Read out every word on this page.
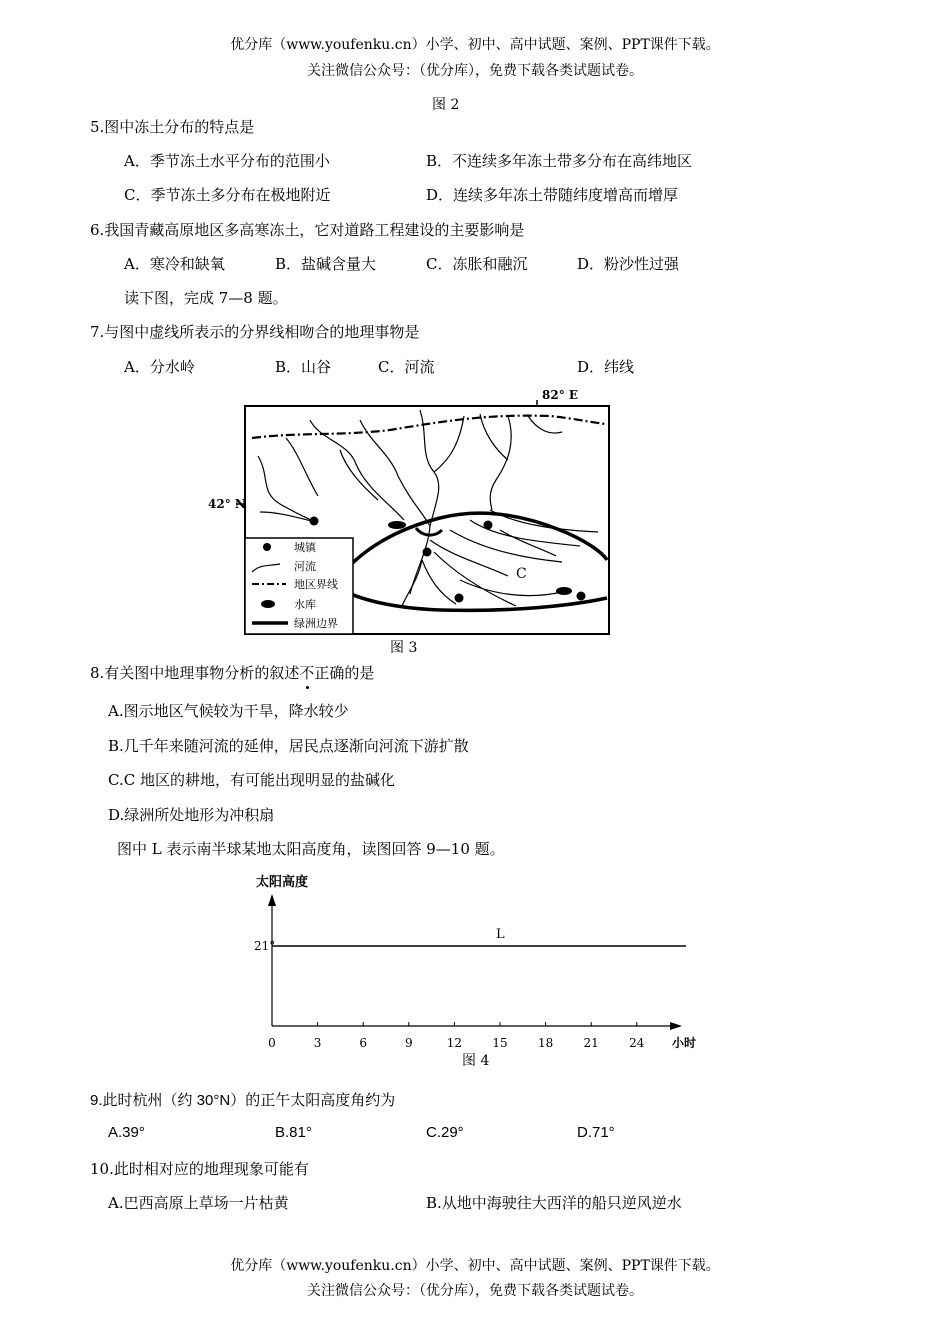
优分库（www.youfenku.cn）小学、初中、高中试题、案例、PPT课件下载。
关注微信公众号：（优分库），免费下载各类试题试卷。
图 2
5.图中冻土分布的特点是
A．季节冻土水平分布的范围小	B．不连续多年冻土带多分布在高纬地区
C．季节冻土多分布在极地附近	D．连续多年冻土带随纬度增高而增厚
6.我国青藏高原地区多高寒冻土，它对道路工程建设的主要影响是
A．寒冷和缺氧	B．盐碱含量大	C．冻胀和融沉	D．粉沙性过强
读下图，完成 7—8 题。
7.与图中虚线所表示的分界线相吻合的地理事物是
A．分水岭	B．山谷	C．河流	D．纬线
82° E
42° N
C
城镇
河流
地区界线
水库
绿洲边界
图 3
8.有关图中地理事物分析的叙述不正确的是
A.图示地区气候较为干旱，降水较少
B.几千年来随河流的延伸，居民点逐渐向河流下游扩散
C.C 地区的耕地，有可能出现明显的盐碱化
D.绿洲所处地形为冲积扇
图中 L 表示南半球某地太阳高度角，读图回答 9—10 题。
太阳高度
21°
L
0	3	6	9	12	15	18	21	24 小时
图 4
9.此时杭州（约 30°N）的正午太阳高度角约为
A.39°	B.81°	C.29°	D.71°
10.此时相对应的地理现象可能有
A.巴西高原上草场一片枯黄	B.从地中海驶往大西洋的船只逆风逆水
优分库（www.youfenku.cn）小学、初中、高中试题、案例、PPT课件下载。
关注微信公众号：（优分库），免费下载各类试题试卷。
